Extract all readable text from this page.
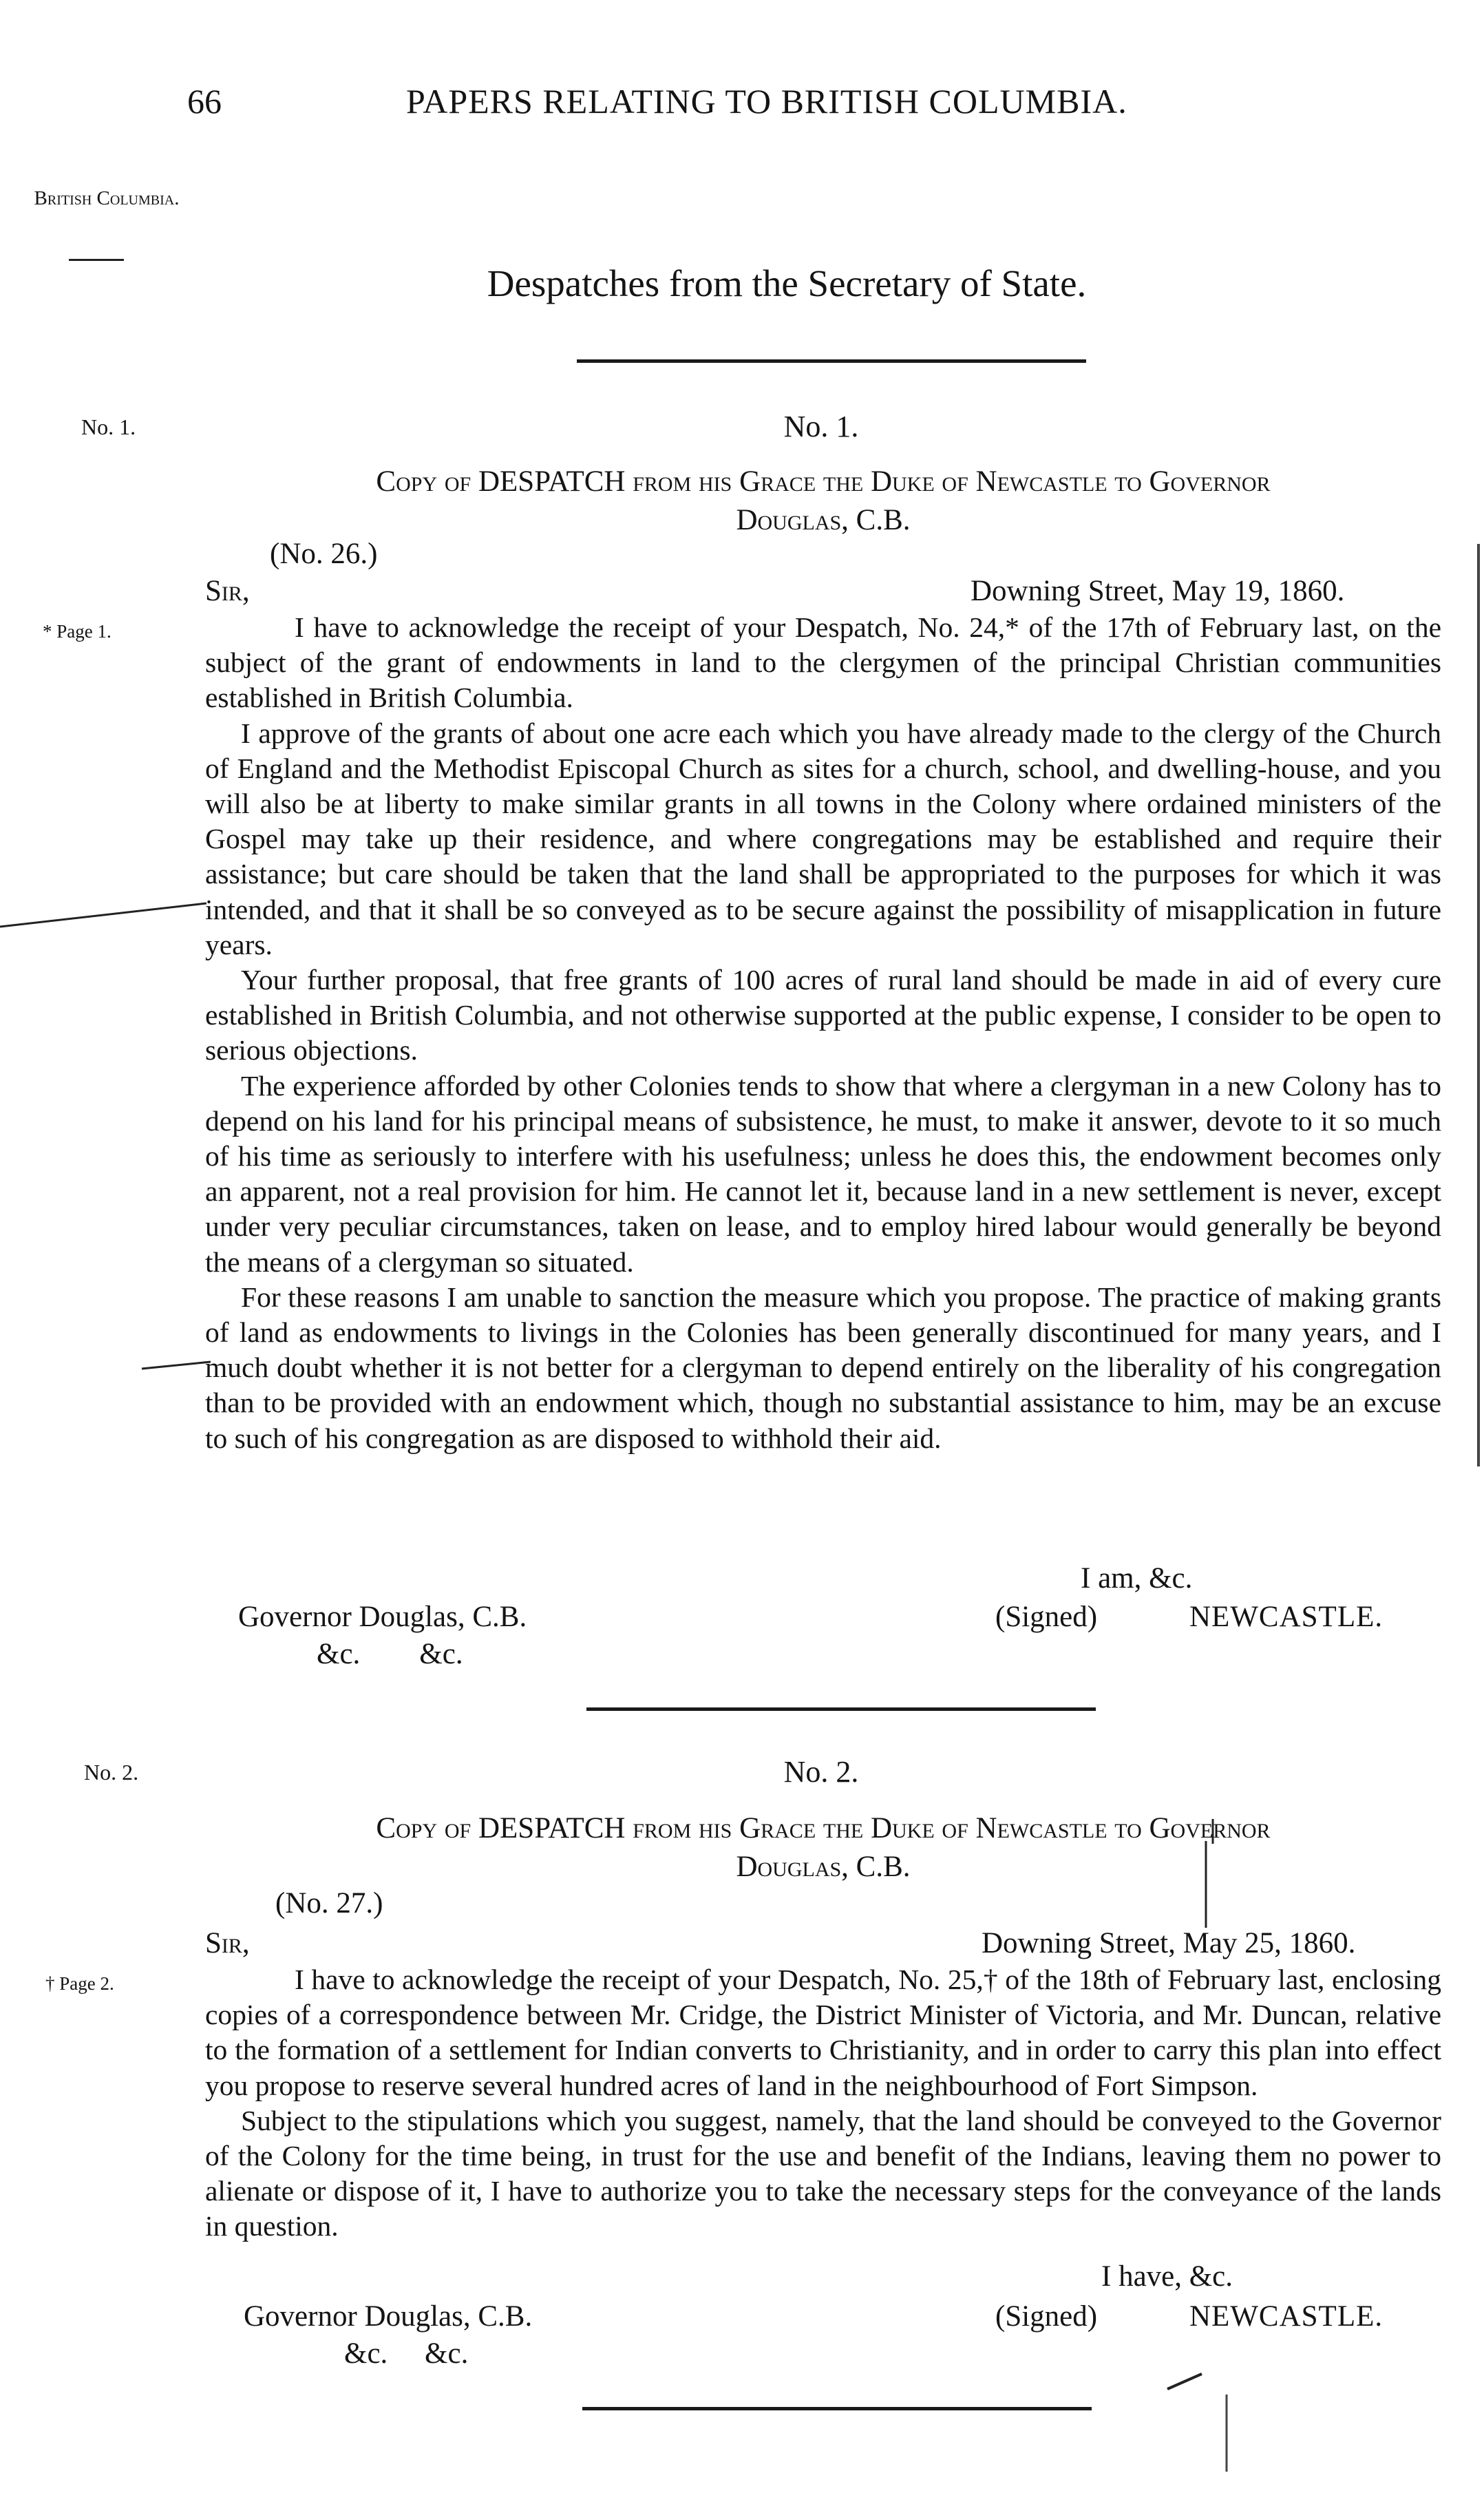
66	PAPERS RELATING TO BRITISH COLUMBIA.
British Columbia.
Despatches from the Secretary of State.
No. 1.	No. 1.
Copy of DESPATCH from his Grace the Duke of Newcastle to Governor
Douglas, C.B.
(No. 26.)
Sir,	Downing Street, May 19, 1860.
* Page 1.	I have to acknowledge the receipt of your Despatch, No. 24,* of the 17th of February last, on the subject of the grant of endowments in land to the clergymen of the principal Christian communities established in British Columbia.

I approve of the grants of about one acre each which you have already made to the clergy of the Church of England and the Methodist Episcopal Church as sites for a church, school, and dwelling-house, and you will also be at liberty to make similar grants in all towns in the Colony where ordained ministers of the Gospel may take up their residence, and where congregations may be established and require their assistance; but care should be taken that the land shall be appropriated to the purposes for which it was intended, and that it shall be so conveyed as to be secure against the possibility of misapplication in future years.

Your further proposal, that free grants of 100 acres of rural land should be made in aid of every cure established in British Columbia, and not otherwise supported at the public expense, I consider to be open to serious objections.

The experience afforded by other Colonies tends to show that where a clergyman in a new Colony has to depend on his land for his principal means of subsistence, he must, to make it answer, devote to it so much of his time as seriously to interfere with his usefulness; unless he does this, the endowment becomes only an apparent, not a real provision for him. He cannot let it, because land in a new settlement is never, except under very peculiar circumstances, taken on lease, and to employ hired labour would generally be beyond the means of a clergyman so situated.

For these reasons I am unable to sanction the measure which you propose. The practice of making grants of land as endowments to livings in the Colonies has been generally discontinued for many years, and I much doubt whether it is not better for a clergyman to depend entirely on the liberality of his congregation than to be provided with an endowment which, though no substantial assistance to him, may be an excuse to such of his congregation as are disposed to withhold their aid.

I am, &c.
Governor Douglas, C.B.
&c.        &c.
(Signed)	NEWCASTLE.
No. 2.	No. 2.
Copy of DESPATCH from his Grace the Duke of Newcastle to Governor
Douglas, C.B.
(No. 27.)
Sir,	Downing Street, May 25, 1860.
† Page 2.	I have to acknowledge the receipt of your Despatch, No. 25,† of the 18th of February last, enclosing copies of a correspondence between Mr. Cridge, the District Minister of Victoria, and Mr. Duncan, relative to the formation of a settlement for Indian converts to Christianity, and in order to carry this plan into effect you propose to reserve several hundred acres of land in the neighbourhood of Fort Simpson.

Subject to the stipulations which you suggest, namely, that the land should be conveyed to the Governor of the Colony for the time being, in trust for the use and benefit of the Indians, leaving them no power to alienate or dispose of it, I have to authorize you to take the necessary steps for the conveyance of the lands in question.

I have, &c.
Governor Douglas, C.B.
&c.     &c.
(Signed)	NEWCASTLE.
